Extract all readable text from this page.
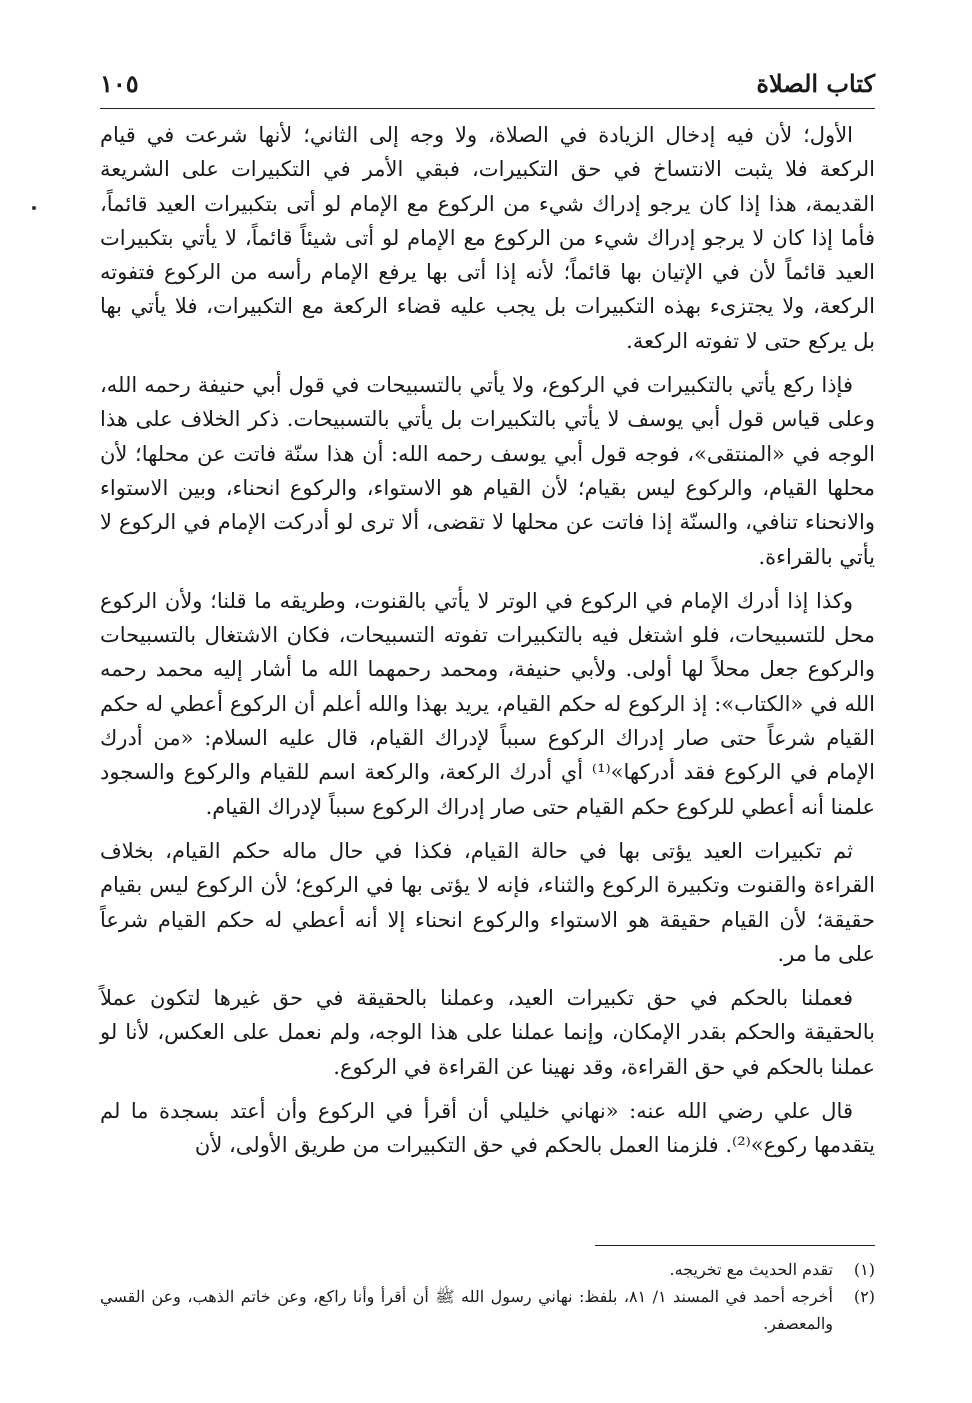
كتاب الصلاة
١٠٥

الأول؛ لأن فيه إدخال الزيادة في الصلاة، ولا وجه إلى الثاني؛ لأنها شرعت في قيام الركعة فلا يثبت الانتساخ في حق التكبيرات، فبقي الأمر في التكبيرات على الشريعة القديمة، هذا إذا كان يرجو إدراك شيء من الركوع مع الإمام لو أتى بتكبيرات العيد قائماً، فأما إذا كان لا يرجو إدراك شيء من الركوع مع الإمام لو أتى شيئاً قائماً، لا يأتي بتكبيرات العيد قائماً لأن في الإتيان بها قائماً؛ لأنه إذا أتى بها يرفع الإمام رأسه من الركوع فتفوته الركعة، ولا يجتزىء بهذه التكبيرات بل يجب عليه قضاء الركعة مع التكبيرات، فلا يأتي بها بل يركع حتى لا تفوته الركعة.

فإذا ركع يأتي بالتكبيرات في الركوع، ولا يأتي بالتسبيحات في قول أبي حنيفة رحمه الله، وعلى قياس قول أبي يوسف لا يأتي بالتكبيرات بل يأتي بالتسبيحات. ذكر الخلاف على هذا الوجه في «المنتقى»، فوجه قول أبي يوسف رحمه الله: أن هذا سنّة فاتت عن محلها؛ لأن محلها القيام، والركوع ليس بقيام؛ لأن القيام هو الاستواء، والركوع انحناء، وبين الاستواء والانحناء تنافي، والسنّة إذا فاتت عن محلها لا تقضى، ألا ترى لو أدركت الإمام في الركوع لا يأتي بالقراءة.

وكذا إذا أدرك الإمام في الركوع في الوتر لا يأتي بالقنوت، وطريقه ما قلنا؛ ولأن الركوع محل للتسبيحات، فلو اشتغل فيه بالتكبيرات تفوته التسبيحات، فكان الاشتغال بالتسبيحات والركوع جعل محلاً لها أولى. ولأبي حنيفة، ومحمد رحمهما الله ما أشار إليه محمد رحمه الله في «الكتاب»: إذ الركوع له حكم القيام، يريد بهذا والله أعلم أن الركوع أعطي له حكم القيام شرعاً حتى صار إدراك الركوع سبباً لإدراك القيام، قال عليه السلام: «من أدرك الإمام في الركوع فقد أدركها»⁽¹⁾ أي أدرك الركعة، والركعة اسم للقيام والركوع والسجود علمنا أنه أعطي للركوع حكم القيام حتى صار إدراك الركوع سبباً لإدراك القيام.

ثم تكبيرات العيد يؤتى بها في حالة القيام، فكذا في حال ماله حكم القيام، بخلاف القراءة والقنوت وتكبيرة الركوع والثناء، فإنه لا يؤتى بها في الركوع؛ لأن الركوع ليس بقيام حقيقة؛ لأن القيام حقيقة هو الاستواء والركوع انحناء إلا أنه أعطي له حكم القيام شرعاً على ما مر.

فعملنا بالحكم في حق تكبيرات العيد، وعملنا بالحقيقة في حق غيرها لتكون عملاً بالحقيقة والحكم بقدر الإمكان، وإنما عملنا على هذا الوجه، ولم نعمل على العكس، لأنا لو عملنا بالحكم في حق القراءة، وقد نهينا عن القراءة في الركوع.

قال علي رضي الله عنه: «نهاني خليلي أن أقرأ في الركوع وأن أعتد بسجدة ما لم يتقدمها ركوع»⁽²⁾. فلزمنا العمل بالحكم في حق التكبيرات من طريق الأولى، لأن

(١)
تقدم الحديث مع تخريجه.
(٢)
أخرجه أحمد في المسند ١/ ٨١، بلفظ: نهاني رسول الله ﷺ أن أقرأ وأنا راكع، وعن خاتم الذهب، وعن القسي والمعصفر.
